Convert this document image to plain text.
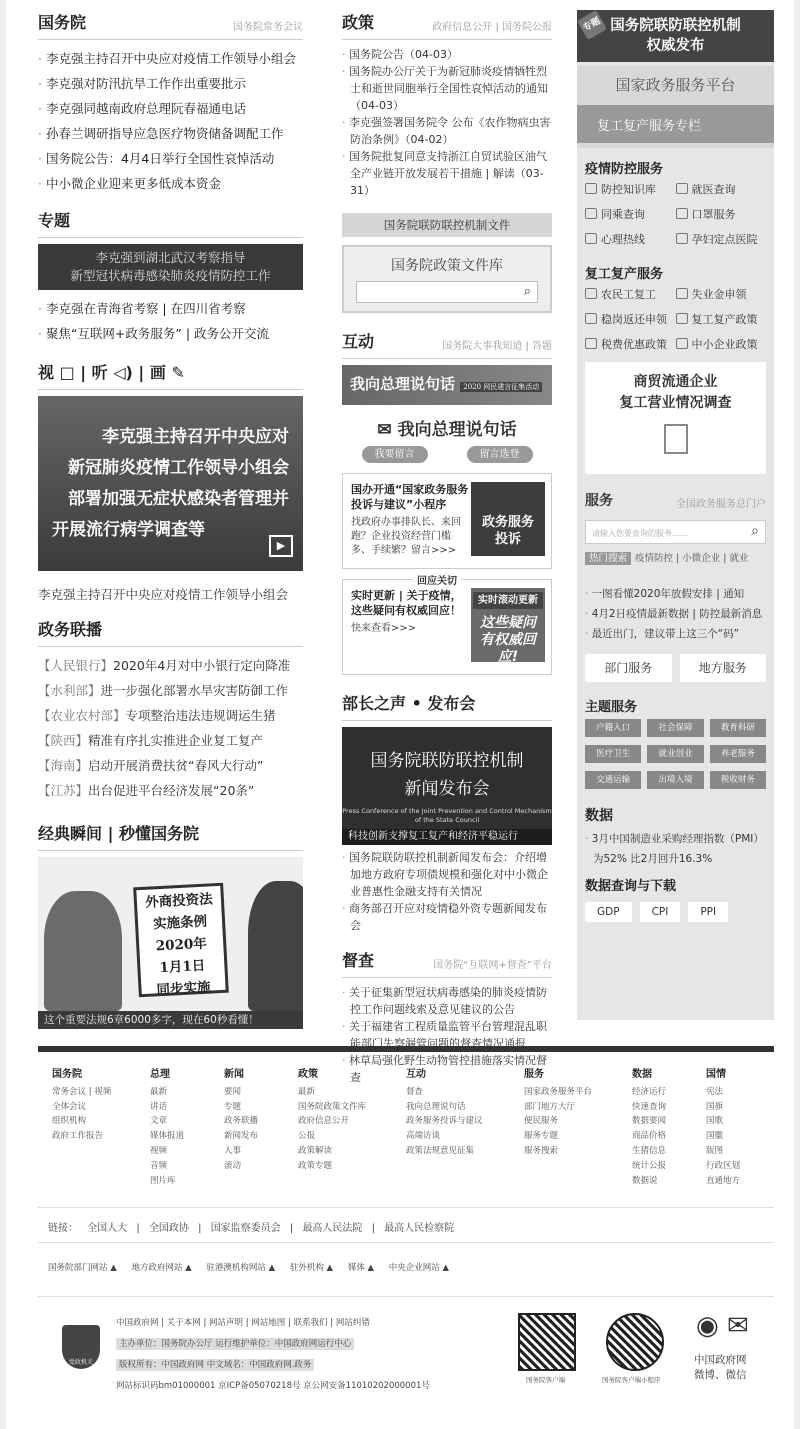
国务院	国务院常务会议
· 李克强主持召开中央应对疫情工作领导小组会
· 李克强对防汛抗旱工作作出重要批示
· 李克强同越南政府总理阮春福通电话
· 孙春兰调研指导应急医疗物资储备调配工作
· 国务院公告：4月4日举行全国性哀悼活动
· 中小微企业迎来更多低成本资金
专题
李克强到湖北武汉考察指导
新型冠状病毒感染肺炎疫情防控工作
· 李克强在青海省考察 | 在四川省考察
· 聚焦“互联网+政务服务” | 政务公开交流
视 □ | 听 ◁) | 画 ✎

李克强主持召开中央应对

新冠肺炎疫情工作领导小组会

部署加强无症状感染者管理并

开展流行病学调查等

▶
李克强主持召开中央应对疫情工作领导小组会
政务联播
【人民银行】2020年4月对中小银行定向降准
【水利部】进一步强化部署水旱灾害防御工作
【农业农村部】专项整治违法违规调运生猪
【陕西】精准有序扎实推进企业复工复产
【海南】启动开展消费扶贫“春风大行动”
【江苏】出台促进平台经济发展“20条”
经典瞬间 | 秒懂国务院
外商投资法
实施条例
2020年
1月1日
同步实施
这个重要法规6章6000多字，现在60秒看懂！
政策	政府信息公开 | 国务院公报
· 国务院公告（04-03）
· 国务院办公厅关于为新冠肺炎疫情牺牲烈士和逝世同胞举行全国性哀悼活动的通知（04-03）
· 李克强签署国务院令 公布《农作物病虫害防治条例》（04-02）
· 国务院批复同意支持浙江自贸试验区油气全产业链开放发展若干措施 | 解读（03-31）
国务院联防联控机制文件
国务院政策文件库
⌕
互动	国务院大事我知道 | 答题
我向总理说句话 2020 网民建言征集活动
✉ 我向总理说句话
我要留言	留言选登
国办开通“国家政务服务投诉与建议”小程序
找政府办事排队长、来回跑？企业投资经营门槛多、手续繁？留言>>>
政务服务
投诉
回应关切
实时更新 | 关于疫情，这些疑问有权威回应！
快来查看>>>
实时滚动更新
这些疑问
有权威回应!
部长之声 • 发布会
国务院联防联控机制
新闻发布会
Press Conference of the Joint Prevention and Control Mechanism of the State Council
科技创新支撑复工复产和经济平稳运行
· 国务院联防联控机制新闻发布会：介绍增加地方政府专项债规模和强化对中小微企业普惠性金融支持有关情况
· 商务部召开应对疫情稳外资专题新闻发布会
督查	国务院“互联网+督查”平台
· 关于征集新型冠状病毒感染的肺炎疫情防控工作问题线索及意见建议的公告
· 关于福建省工程质量监管平台管理混乱职能部门失察漏管问题的督查情况通报
· 林草局强化野生动物管控措施落实情况督查
专题 国务院联防联控机制
权威发布
国家政务服务平台
复工复产服务专栏
疫情防控服务
防控知识库	就医查询
同乘查询	口罩服务
心理热线	孕妇定点医院
复工复产服务
农民工复工	失业金申领
稳岗返还申领	复工复产政策
税费优惠政策	中小企业政策
商贸流通企业
复工营业情况调查
服务	全国政务服务总门户
请输入您要查询的服务……	⌕
热门搜索 疫情防控 | 小微企业 | 就业
· 一图看懂2020年放假安排 | 通知
· 4月2日疫情最新数据 | 防控最新消息
· 最近出门，建议带上这三个“码”
部门服务	地方服务
主题服务
户籍入口	社会保障	教育科研
医疗卫生	就业创业	养老服务
交通运输	出境入境	税收财务
数据
· 3月中国制造业采购经理指数（PMI）为52% 比2月回升16.3%
数据查询与下载
GDP	CPI	PPI
国务院
常务会议 | 视频
全体会议
组织机构
政府工作报告
总理
最新
讲话
文章
媒体报道
视频
音频
图片库
新闻
要闻
专题
政务联播
新闻发布
人事
滚动
政策
最新
国务院政策文件库
政府信息公开
公报
政策解读
政策专题
互动
督查
我向总理说句话
政务服务投诉与建议
高端访谈
政策法规意见征集
服务
国家政务服务平台
部门地方大厅
便民服务
服务专题
服务搜索
数据
经济运行
快速查询
数据要闻
商品价格
生猪信息
统计公报
数据说
国情
宪法
国旗
国歌
国徽
版图
行政区划
直通地方
链接： 全国人大 | 全国政协 | 国家监察委员会 | 最高人民法院 | 最高人民检察院
国务院部门网站 ▲ 地方政府网站 ▲ 驻港澳机构网站 ▲ 驻外机构 ▲ 媒体 ▲ 中央企业网站 ▲
党政机关
中国政府网 | 关于本网 | 网站声明 | 网站地图 | 联系我们 | 网站纠错
主办单位：国务院办公厅 运行维护单位：中国政府网运行中心
版权所有：中国政府网 中文域名：中国政府网.政务
网站标识码bm01000001 京ICP备05070218号 京公网安备11010202000001号
国务院客户端	国务院客户端小程序
◉ ✉
中国政府网
微博、微信
